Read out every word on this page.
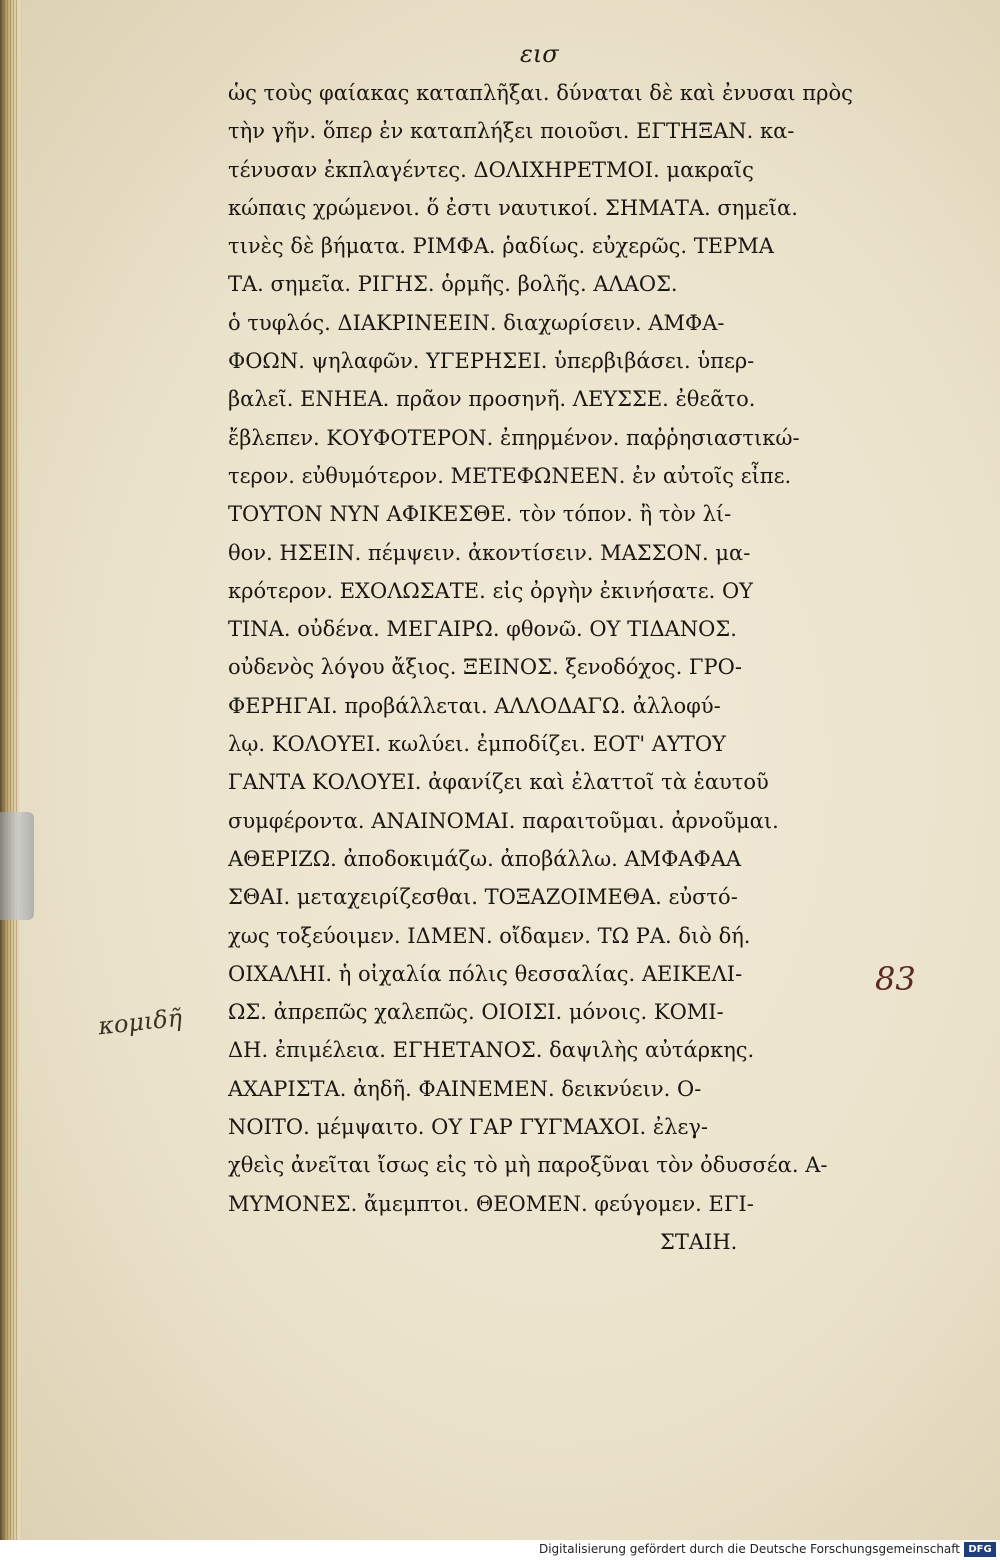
εισ
ὡς τοὺς φαίακας καταπλῆξαι. δύναται δὲ καὶ ἐνυσαι πρὸς
τὴν γῆν. ὅπερ ἐν καταπλήξει ποιοῦσι. ΕΓΤΗΞΑΝ. κα-
τένυσαν ἐκπλαγέντες. ΔΟΛΙΧΗΡΕΤΜΟΙ. μακραῖς
κώπαις χρώμενοι. ὅ ἐστι ναυτικοί. ΣΗΜΑΤΑ. σημεῖα.
τινὲς δὲ βήματα. ΡΙΜΦΑ. ῥαδίως. εὐχερῶς. ΤΕΡΜΑ
ΤΑ. σημεῖα. ΡΙΓΗΣ. ὁρμῆς. βολῆς. ΑΛΑΟΣ.
ὁ τυφλός. ΔΙΑΚΡΙΝΕΕΙΝ. διαχωρίσειν. ΑΜΦΑ-
ΦΟΩΝ. ψηλαφῶν. ΥΓΕΡΗΣΕΙ. ὑπερβιβάσει. ὑπερ-
βαλεῖ. ΕΝΗΕΑ. πρᾶον προσηνῆ. ΛΕΥΣΣΕ. ἐθεᾶτο.
ἔβλεπεν. ΚΟΥΦΟΤΕΡΟΝ. ἐπηρμένον. παῤῥησιαστικώ-
τερον. εὐθυμότερον. ΜΕΤΕΦΩΝΕΕΝ. ἐν αὐτοῖς εἶπε.
ΤΟΥΤΟΝ ΝΥΝ ΑΦΙΚΕΣΘΕ. τὸν τόπον. ἢ τὸν λί-
θον. ΗΣΕΙΝ. πέμψειν. ἀκοντίσειν. ΜΑΣΣΟΝ. μα-
κρότερον. ΕΧΟΛΩΣΑΤΕ. εἰς ὀργὴν ἐκινήσατε. ΟΥ
ΤΙΝΑ. οὐδένα. ΜΕΓΑΙΡΩ. φθονῶ. ΟΥ ΤΙΔΑΝΟΣ.
οὐδενὸς λόγου ἄξιος. ΞΕΙΝΟΣ. ξενοδόχος. ΓΡΟ-
ΦΕΡΗΓΑΙ. προβάλλεται. ΑΛΛΟΔΑΓΩ. ἀλλοφύ-
λῳ. ΚΟΛΟΥΕΙ. κωλύει. ἐμποδίζει. ΕΟΤ' ΑΥΤΟΥ
ΓΑΝΤΑ ΚΟΛΟΥΕΙ. ἀφανίζει καὶ ἐλαττοῖ τὰ ἑαυτοῦ
συμφέροντα. ΑΝΑΙΝΟΜΑΙ. παραιτοῦμαι. ἀρνοῦμαι.
ΑΘΕΡΙΖΩ. ἀποδοκιμάζω. ἀποβάλλω. ΑΜΦΑΦΑΑ
ΣΘΑΙ. μεταχειρίζεσθαι. ΤΟΞΑΖΟΙΜΕΘΑ. εὐστό-
χως τοξεύοιμεν. ΙΔΜΕΝ. οἴδαμεν. ΤΩ ΡΑ. διὸ δή.
ΟΙΧΑΛΗΙ. ἡ οἰχαλία πόλις θεσσαλίας. ΑΕΙΚΕΛΙ-
ΩΣ. ἀπρεπῶς χαλεπῶς. ΟΙΟΙΣΙ. μόνοις. ΚΟΜΙ-
ΔΗ. ἐπιμέλεια. ΕΓΗΕΤΑΝΟΣ. δαψιλὴς αὐτάρκης.
ΑΧΑΡΙΣΤΑ. ἀηδῆ. ΦΑΙΝΕΜΕΝ. δεικνύειν. Ο-
ΝΟΙΤΟ. μέμψαιτο. ΟΥ ΓΑΡ ΓΥΓΜΑΧΟΙ. ἐλεγ-
χθεὶς ἀνεῖται ἴσως εἰς τὸ μὴ παροξῦναι τὸν ὀδυσσέα. Α-
ΜΥΜΟΝΕΣ. ἄμεμπτοι. ΘΕΟΜΕΝ. φεύγομεν. ΕΓΙ-
ΣΤΑΙΗ.
κομιδῆ
83
Digitalisierung gefördert durch die Deutsche Forschungsgemeinschaft DFG
